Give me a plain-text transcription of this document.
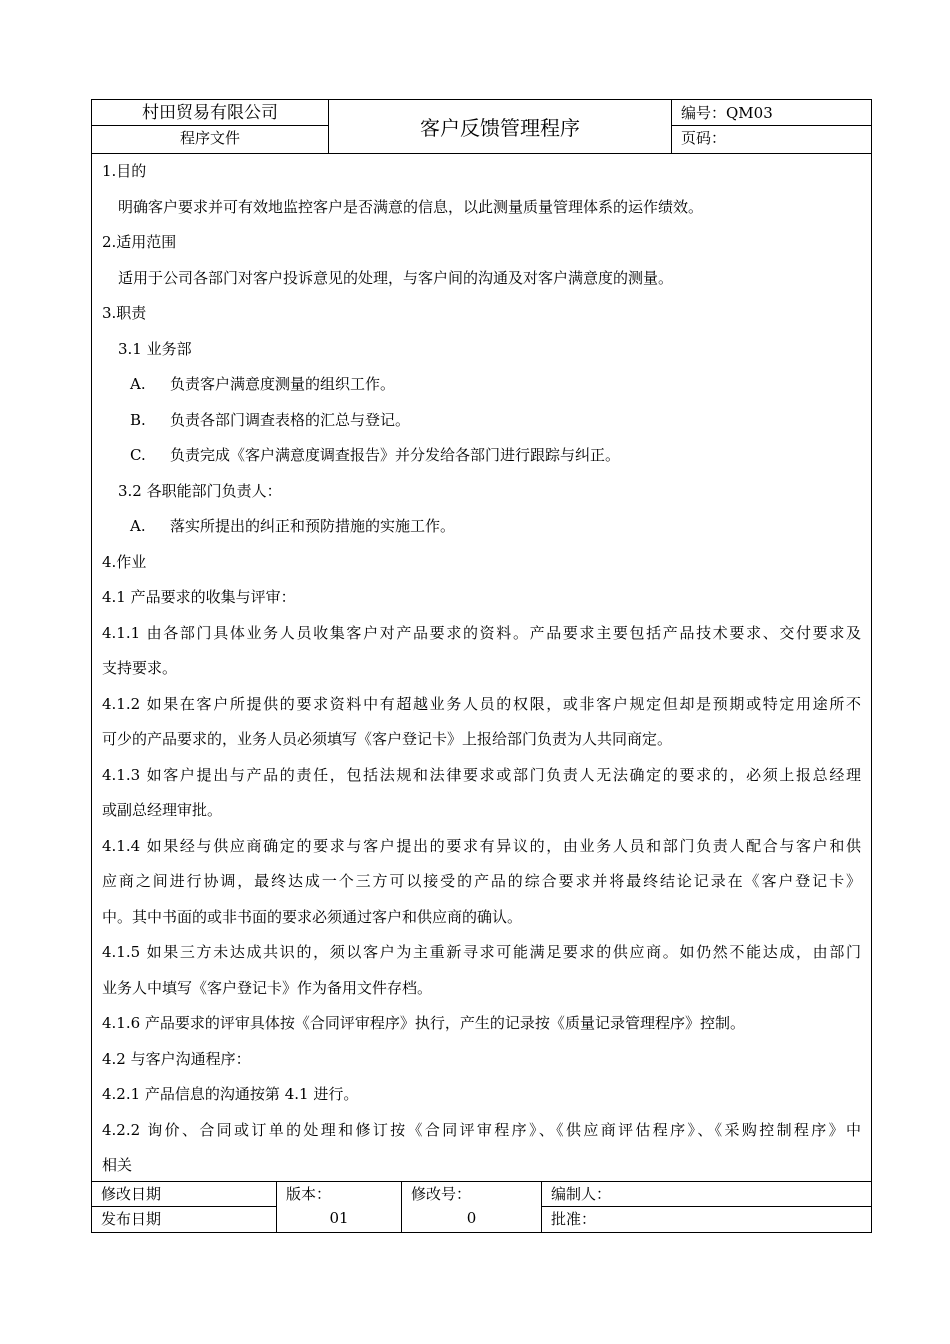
村田贸易有限公司
程序文件	客户反馈管理程序
编号：QM03
页码：
1.目的
明确客户要求并可有效地监控客户是否满意的信息，以此测量质量管理体系的运作绩效。
2.适用范围
适用于公司各部门对客户投诉意见的处理，与客户间的沟通及对客户满意度的测量。
3.职责
3.1 业务部
A. 负责客户满意度测量的组织工作。
B. 负责各部门调查表格的汇总与登记。
C. 负责完成《客户满意度调查报告》并分发给各部门进行跟踪与纠正。
3.2 各职能部门负责人：
A. 落实所提出的纠正和预防措施的实施工作。
4.作业
4.1 产品要求的收集与评审：
4.1.1 由各部门具体业务人员收集客户对产品要求的资料。产品要求主要包括产品技术要求、交付要求及
支持要求。
4.1.2 如果在客户所提供的要求资料中有超越业务人员的权限，或非客户规定但却是预期或特定用途所不
可少的产品要求的，业务人员必须填写《客户登记卡》上报给部门负责为人共同商定。
4.1.3 如客户提出与产品的责任，包括法规和法律要求或部门负责人无法确定的要求的，必须上报总经理
或副总经理审批。
4.1.4 如果经与供应商确定的要求与客户提出的要求有异议的，由业务人员和部门负责人配合与客户和供
应商之间进行协调，最终达成一个三方可以接受的产品的综合要求并将最终结论记录在《客户登记卡》
中。其中书面的或非书面的要求必须通过客户和供应商的确认。
4.1.5 如果三方未达成共识的，须以客户为主重新寻求可能满足要求的供应商。如仍然不能达成，由部门
业务人中填写《客户登记卡》作为备用文件存档。
4.1.6 产品要求的评审具体按《合同评审程序》执行，产生的记录按《质量记录管理程序》控制。
4.2 与客户沟通程序：
4.2.1 产品信息的沟通按第 4.1 进行。
4.2.2 询价、合同或订单的处理和修订按《合同评审程序》、《供应商评估程序》、《采购控制程序》中
相关
修改日期
发布日期
版本：
01
修改号：
0
编制人：
批准：
